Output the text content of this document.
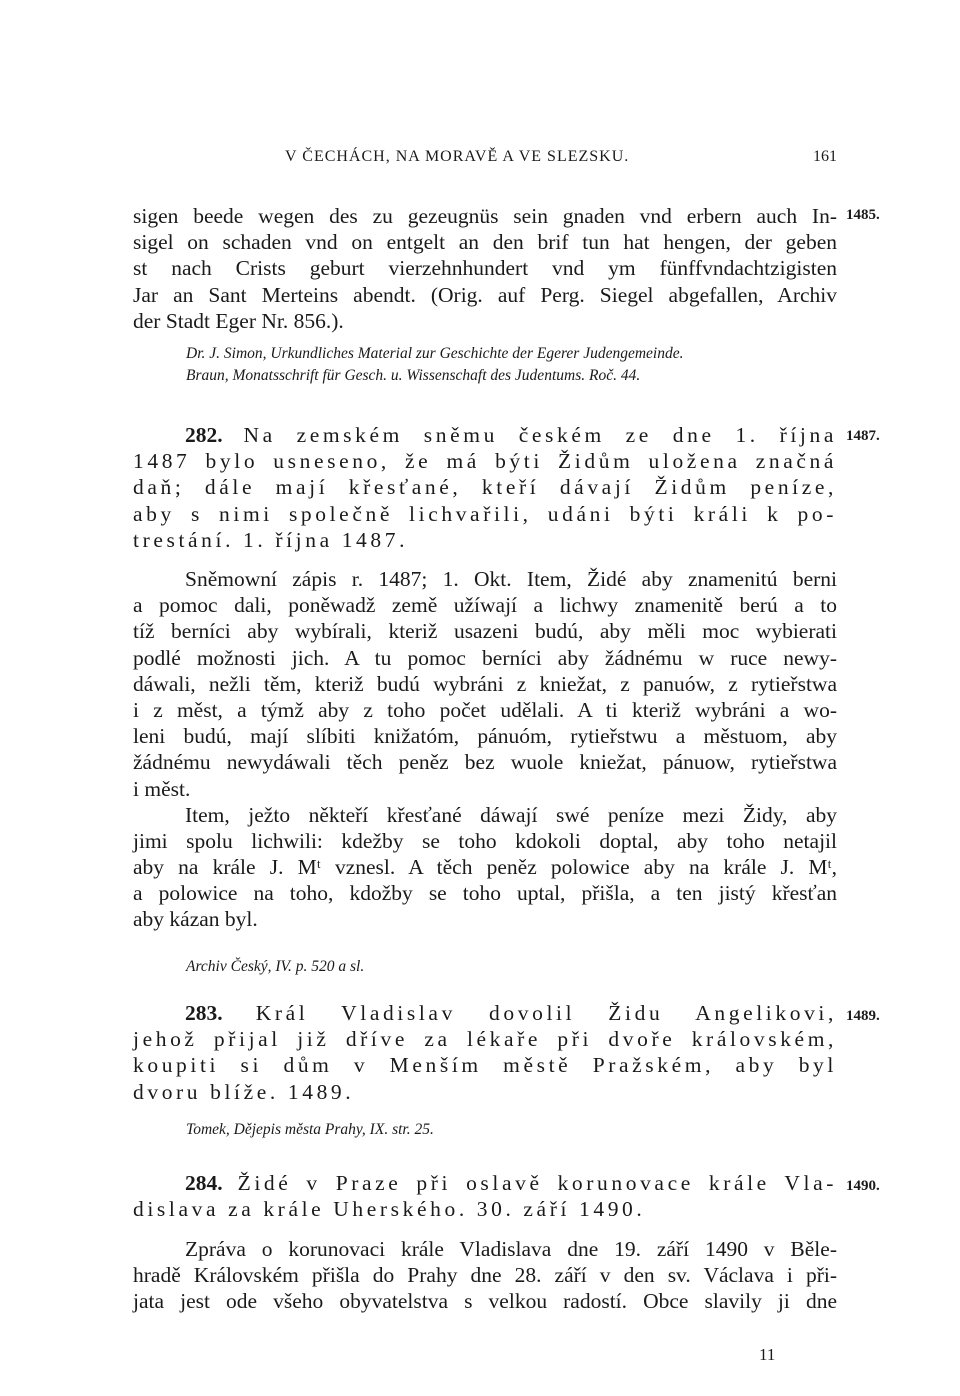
V ČECHÁCH, NA MORAVĚ A VE SLEZSKU.	161
1485.
sigen beede wegen des zu gezeugnüs sein gnaden vnd erbern auch In-
sigel on schaden vnd on entgelt an den brif tun hat hengen, der geben
st nach Crists geburt vierzehnhundert vnd ym fünffvndachtzigisten
Jar an Sant Merteins abendt. (Orig. auf Perg. Siegel abgefallen, Archiv
der Stadt Eger Nr. 856.).
Dr. J. Simon, Urkundliches Material zur Geschichte der Egerer Judengemeinde.
Braun, Monatsschrift für Gesch. u. Wissenschaft des Judentums. Roč. 44.
1487.
282. Na zemském sněmu českém ze dne 1. října
1487 bylo usneseno, že má býti Židům uložena značná
daň; dále mají křesťané, kteří dávají Židům peníze,
aby s nimi společně lichvařili, udáni býti králi k po-
trestání. 1. října 1487.
Sněmowní zápis r. 1487; 1. Okt. Item, Židé aby znamenitú berni
a pomoc dali, poněwadž země užíwají a lichwy znamenitě berú a to
tíž berníci aby wybírali, kteriž usazeni budú, aby měli moc wybierati
podlé možnosti jich. A tu pomoc berníci aby žádnému w ruce newy-
dáwali, nežli těm, kteriž budú wybráni z kniežat, z panuów, z rytieřstwa
i z měst, a týmž aby z toho počet udělali. A ti kteriž wybráni a wo-
leni budú, mají slíbiti knižatóm, pánuóm, rytieřstwu a městuom, aby
žádnému newydáwali těch peněz bez wuole kniežat, pánuow, rytieřstwa
i měst.
Item, ježto někteří křesťané dáwají swé peníze mezi Židy, aby
jimi spolu lichwili: kdežby se toho kdokoli doptal, aby toho netajil
aby na krále J. Mᵗ vznesl. A těch peněz polowice aby na krále J. Mᵗ,
a polowice na toho, kdožby se toho uptal, přišla, a ten jistý křesťan
aby kázan byl.
Archiv Český, IV. p. 520 a sl.
1489.
283. Král Vladislav dovolil Židu Angelikovi,
jehož přijal již dříve za lékaře při dvoře královském,
koupiti si dům v Menším městě Pražském, aby byl
dvoru blíže. 1489.
Tomek, Dějepis města Prahy, IX. str. 25.
1490.
284. Židé v Praze při oslavě korunovace krále Vla-
dislava za krále Uherského. 30. září 1490.
Zpráva o korunovaci krále Vladislava dne 19. září 1490 v Běle-
hradě Královském přišla do Prahy dne 28. září v den sv. Václava i při-
jata jest ode všeho obyvatelstva s velkou radostí. Obce slavily ji dne
11
